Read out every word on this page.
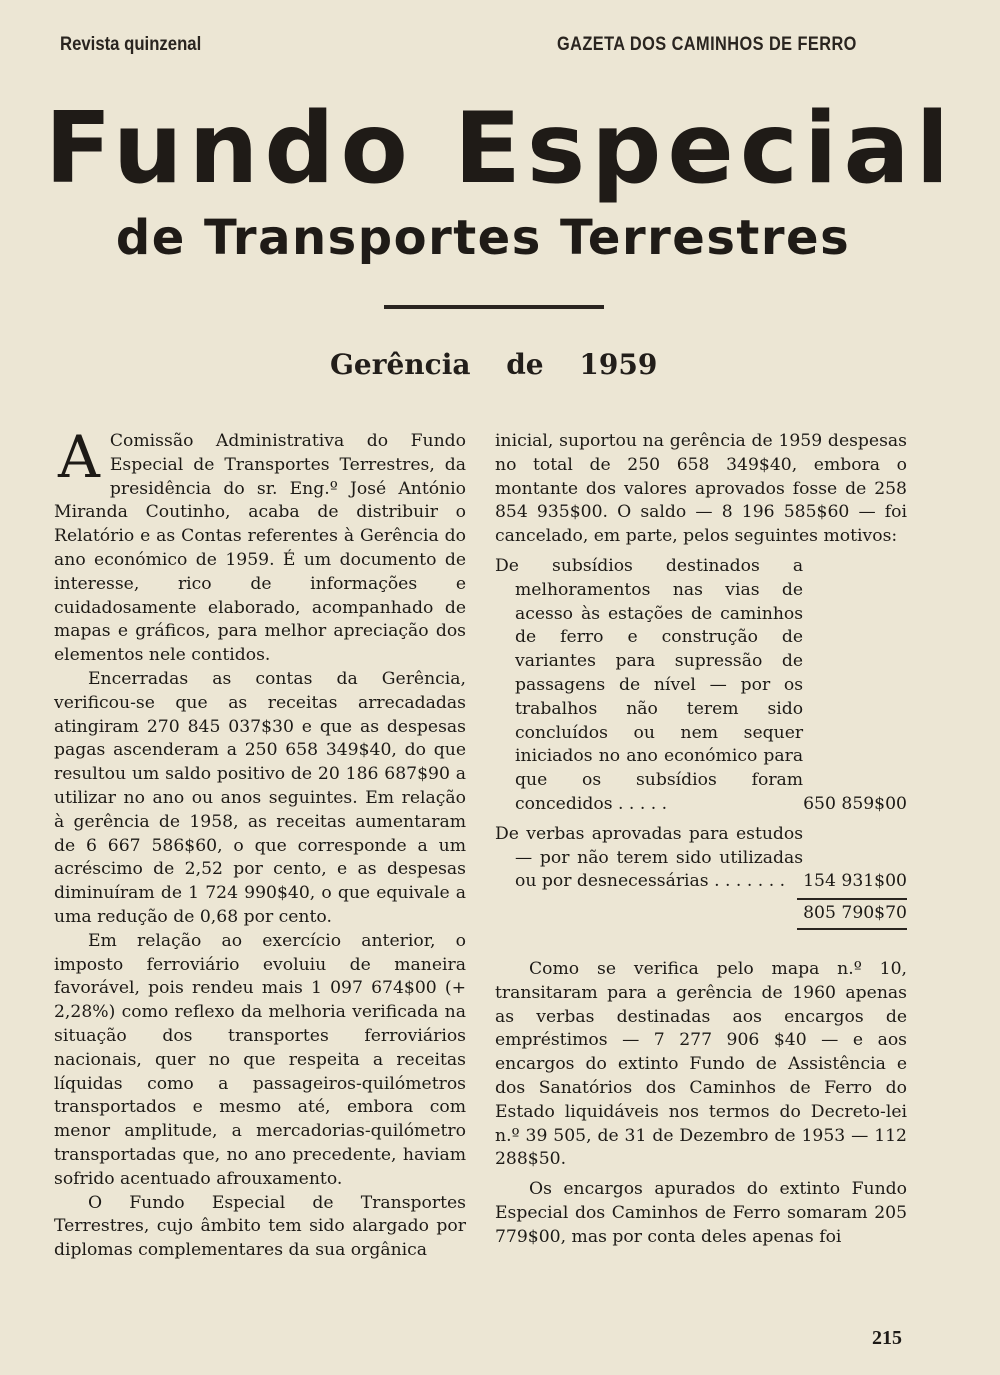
Revista quinzenal	GAZETA DOS CAMINHOS DE FERRO
Fundo Especial
de Transportes Terrestres
Gerência de 1959

A Comissão Administrativa do Fundo Especial de Transportes Terrestres, da presidência do sr. Eng.º José António Miranda Coutinho, acaba de distribuir o Relatório e as Contas referentes à Gerência do ano económico de 1959. É um documento de interesse, rico de informações e cuidadosamente elaborado, acompanhado de mapas e gráficos, para melhor apreciação dos elementos nele contidos.

Encerradas as contas da Gerência, verificou-se que as receitas arrecadadas atingiram 270 845 037$30 e que as despesas pagas ascenderam a 250 658 349$40, do que resultou um saldo positivo de 20 186 687$90 a utilizar no ano ou anos seguintes. Em relação à gerência de 1958, as receitas aumentaram de 6 667 586$60, o que corresponde a um acréscimo de 2,52 por cento, e as despesas diminuíram de 1 724 990$40, o que equivale a uma redução de 0,68 por cento.

Em relação ao exercício anterior, o imposto ferroviário evoluiu de maneira favorável, pois rendeu mais 1 097 674$00 (+ 2,28%) como reflexo da melhoria verificada na situação dos transportes ferroviários nacionais, quer no que respeita a receitas líquidas como a passageiros-quilómetros transportados e mesmo até, embora com menor amplitude, a mercadorias-quilómetro transportadas que, no ano precedente, haviam sofrido acentuado afrouxamento.

O Fundo Especial de Transportes Terrestres, cujo âmbito tem sido alargado por diplomas complementares da sua orgânica

inicial, suportou na gerência de 1959 despesas no total de 250 658 349$40, embora o montante dos valores aprovados fosse de 258 854 935$00. O saldo — 8 196 585$60 — foi cancelado, em parte, pelos seguintes motivos:

De subsídios destinados a melhoramentos nas vias de acesso às estações de caminhos de ferro e construção de variantes para supressão de passagens de nível — por os trabalhos não terem sido concluídos ou nem sequer iniciados no ano económico para que os subsídios foram concedidos . . . . .	650 859$00
De verbas aprovadas para estudos — por não terem sido utilizadas ou por desnecessárias . . . . . . .	154 931$00
805 790$70

Como se verifica pelo mapa n.º 10, transitaram para a gerência de 1960 apenas as verbas destinadas aos encargos de empréstimos — 7 277 906 $40 — e aos encargos do extinto Fundo de Assistência e dos Sanatórios dos Caminhos de Ferro do Estado liquidáveis nos termos do Decreto-lei n.º 39 505, de 31 de Dezembro de 1953 — 112 288$50.

Os encargos apurados do extinto Fundo Especial dos Caminhos de Ferro somaram 205 779$00, mas por conta deles apenas foi

215
